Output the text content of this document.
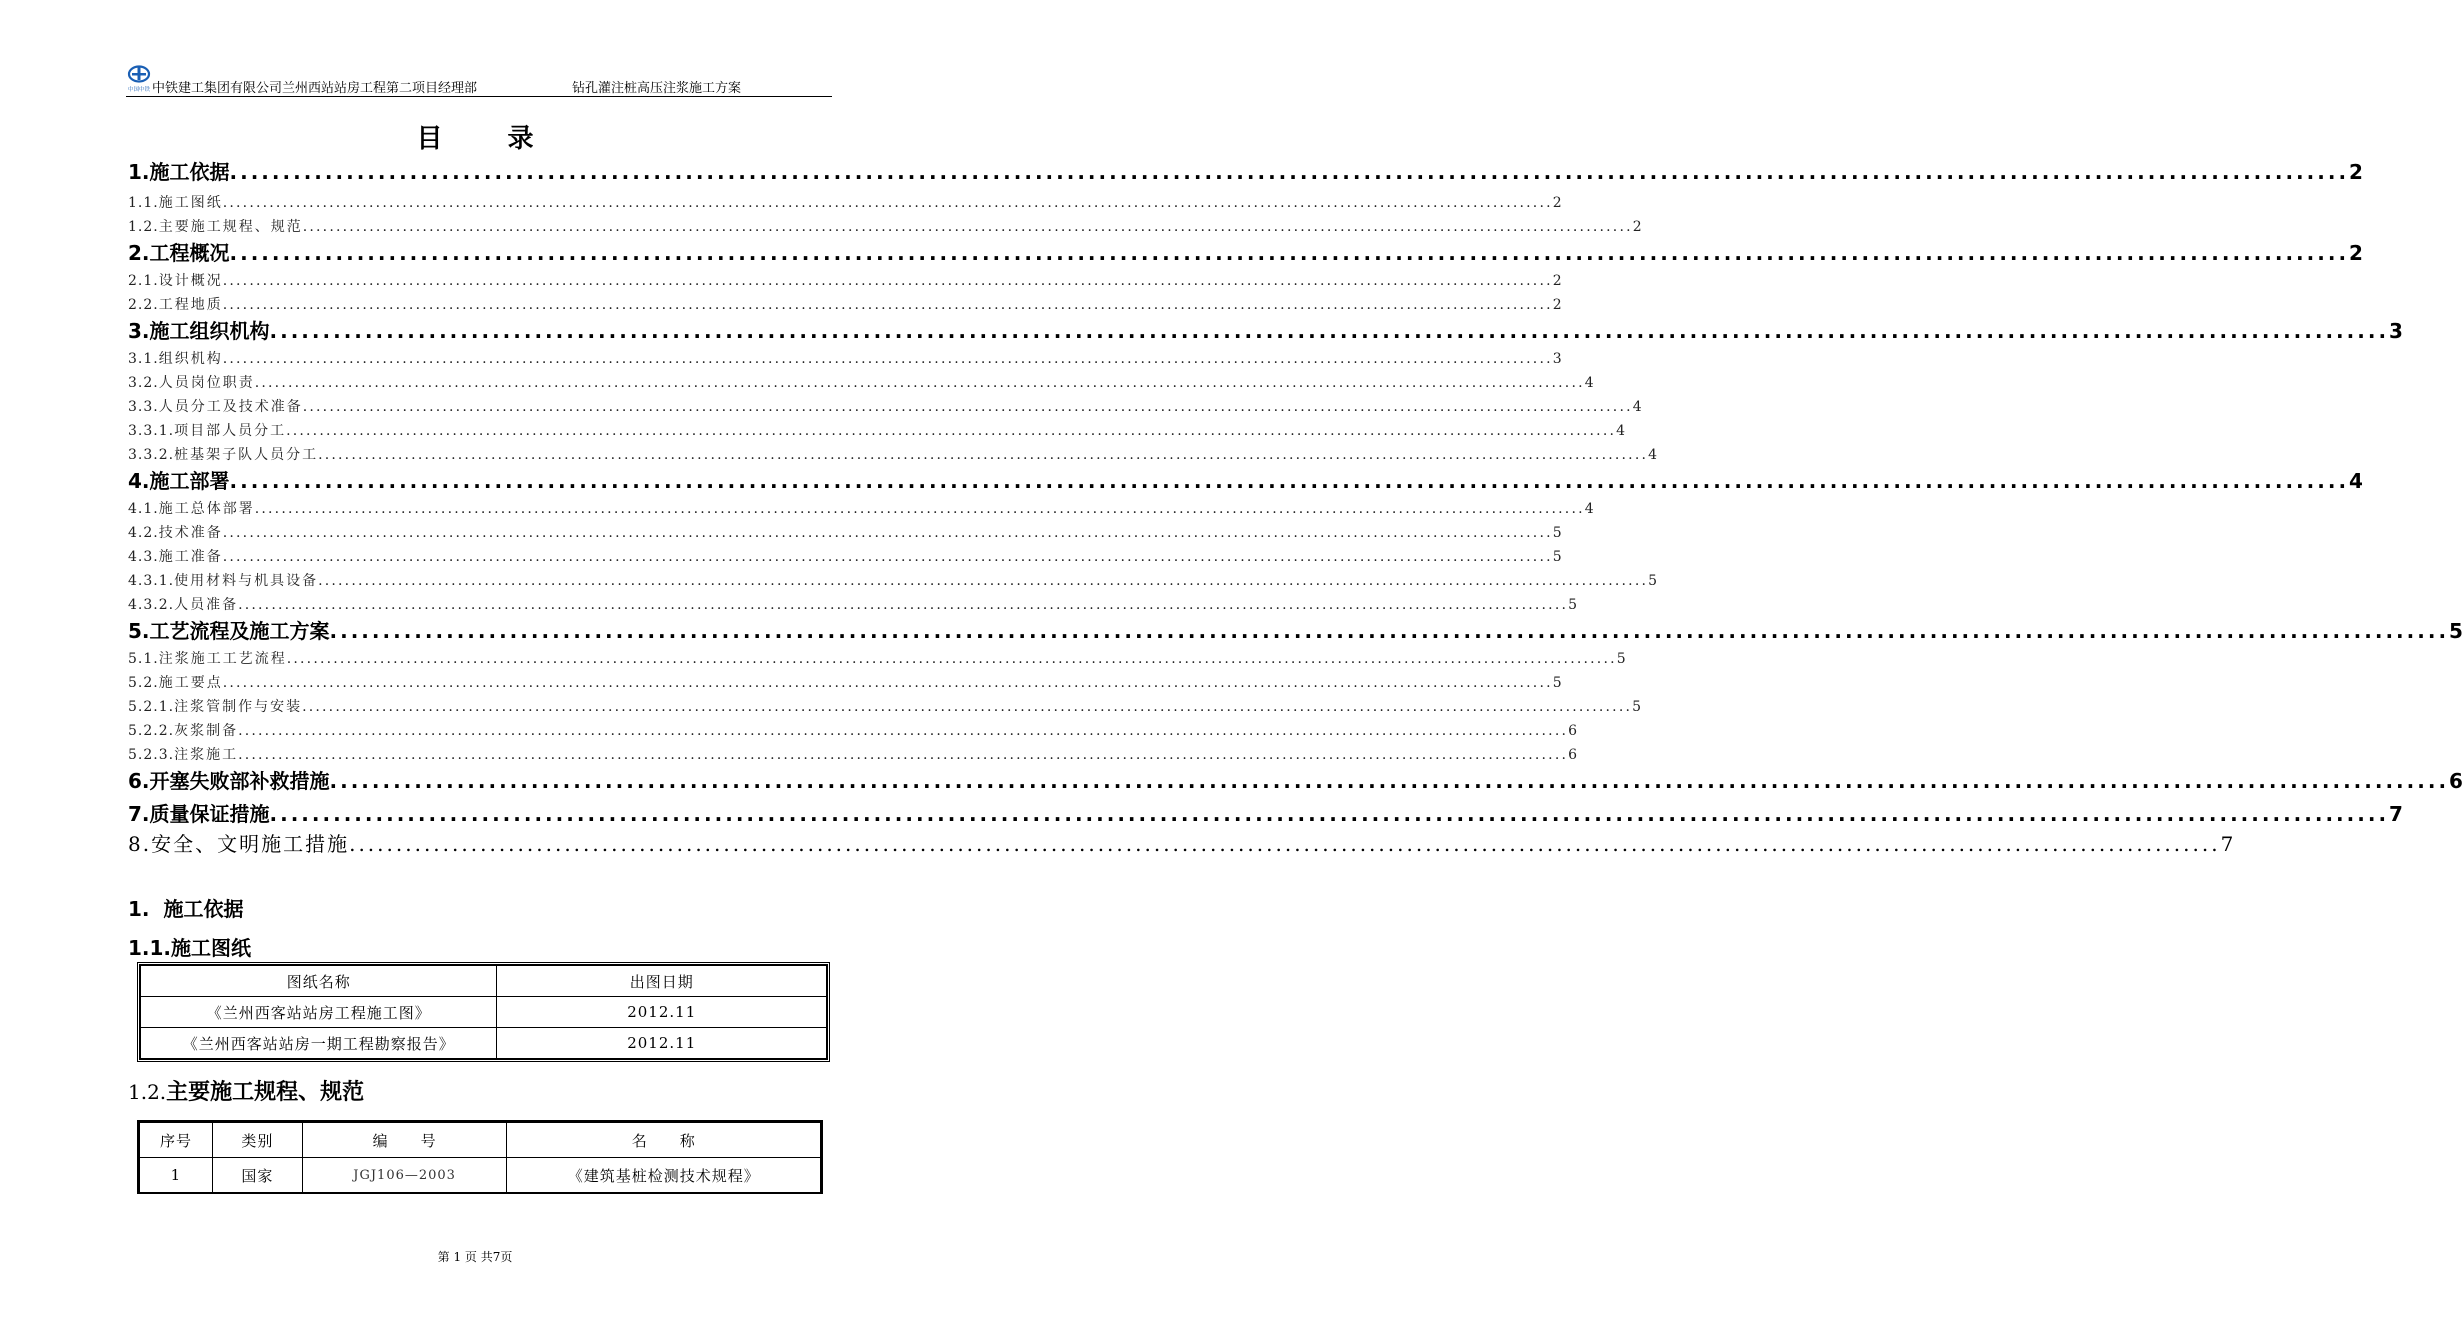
中国中铁 中铁建工集团有限公司兰州西站站房工程第二项目经理部	钻孔灌注桩高压注浆施工方案
目 录
1. 施工依据 ........................................................................................................................................................................................................ 2
1.1. 施工图纸 ........................................................................................................................................................................................................ 2
1.2. 主要施工规程、规范 ........................................................................................................................................................................................................ 2
2. 工程概况 ........................................................................................................................................................................................................ 2
2.1. 设计概况 ........................................................................................................................................................................................................ 2
2.2. 工程地质 ........................................................................................................................................................................................................ 2
3. 施工组织机构 ........................................................................................................................................................................................................ 3
3.1. 组织机构 ........................................................................................................................................................................................................ 3
3.2. 人员岗位职责 ........................................................................................................................................................................................................ 4
3.3. 人员分工及技术准备 ........................................................................................................................................................................................................ 4
3.3.1. 项目部人员分工 ........................................................................................................................................................................................................ 4
3.3.2. 桩基架子队人员分工 ........................................................................................................................................................................................................ 4
4. 施工部署 ........................................................................................................................................................................................................ 4
4.1. 施工总体部署 ........................................................................................................................................................................................................ 4
4.2. 技术准备 ........................................................................................................................................................................................................ 5
4.3. 施工准备 ........................................................................................................................................................................................................ 5
4.3.1. 使用材料与机具设备 ........................................................................................................................................................................................................ 5
4.3.2. 人员准备 ........................................................................................................................................................................................................ 5
5. 工艺流程及施工方案 ........................................................................................................................................................................................................ 5
5.1. 注浆施工工艺流程 ........................................................................................................................................................................................................ 5
5.2. 施工要点 ........................................................................................................................................................................................................ 5
5.2.1. 注浆管制作与安装 ........................................................................................................................................................................................................ 5
5.2.2. 灰浆制备 ........................................................................................................................................................................................................ 6
5.2.3. 注浆施工 ........................................................................................................................................................................................................ 6
6. 开塞失败部补救措施 ........................................................................................................................................................................................................ 6
7. 质量保证措施 ........................................................................................................................................................................................................ 7
8. 安全、文明施工措施 ........................................................................................................................................................................................................ 7
1. 施工依据
1.1.施工图纸
图纸名称	出图日期
《兰州西客站站房工程施工图》	2012.11
《兰州西客站站房一期工程勘察报告》	2012.11
1.2.主要施工规程、规范
序号	类别	编　　号	名　　称
1	国家	JGJ106—2003	《建筑基桩检测技术规程》
第 1 页 共7页
